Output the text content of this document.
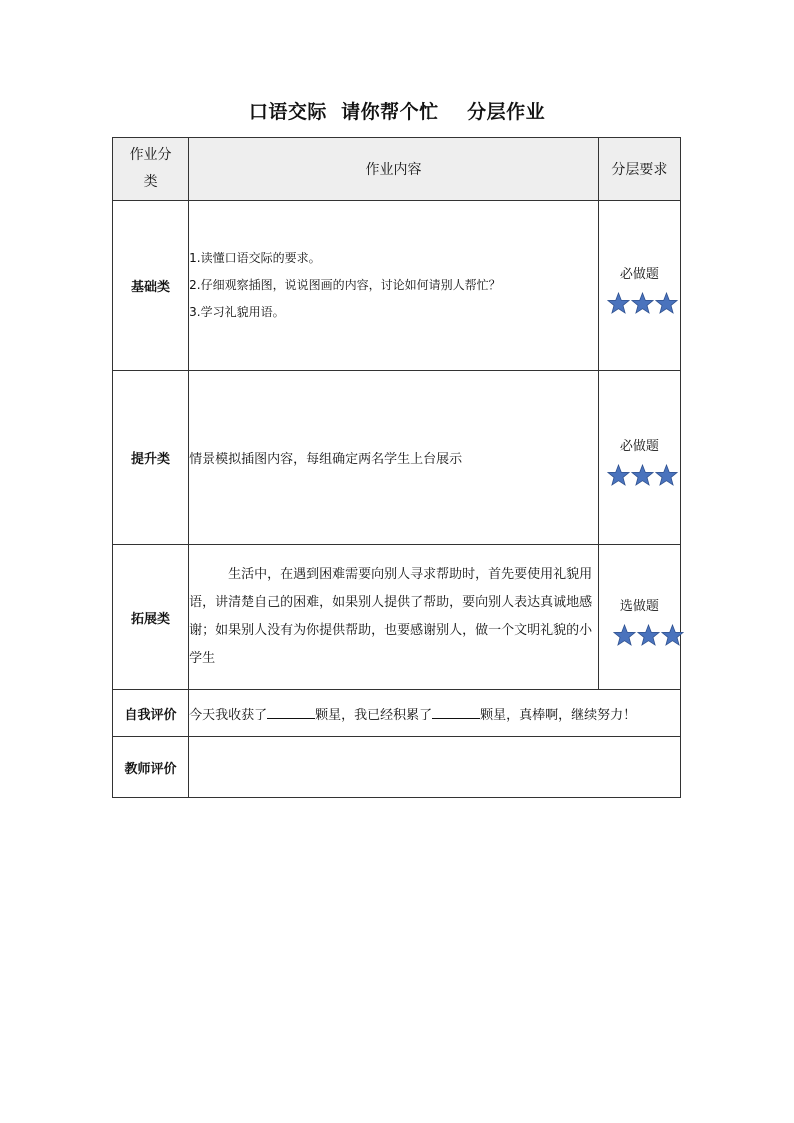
口语交际  请你帮个忙    分层作业
作业分类	作业内容	分层要求
基础类	1.读懂口语交际的要求。
2.仔细观察插图，说说图画的内容，讨论如何请别人帮忙？
3.学习礼貌用语。	必做题

提升类	情景模拟插图内容，每组确定两名学生上台展示	必做题

拓展类	生活中，在遇到困难需要向别人寻求帮助时，首先要使用礼貌用语，讲清楚自己的困难，如果别人提供了帮助，要向别人表达真诚地感谢；如果别人没有为你提供帮助，也要感谢别人，做一个文明礼貌的小学生	选做题

自我评价	今天我收获了 颗星，我已经积累了 颗星，真棒啊，继续努力！	
教师评价		
